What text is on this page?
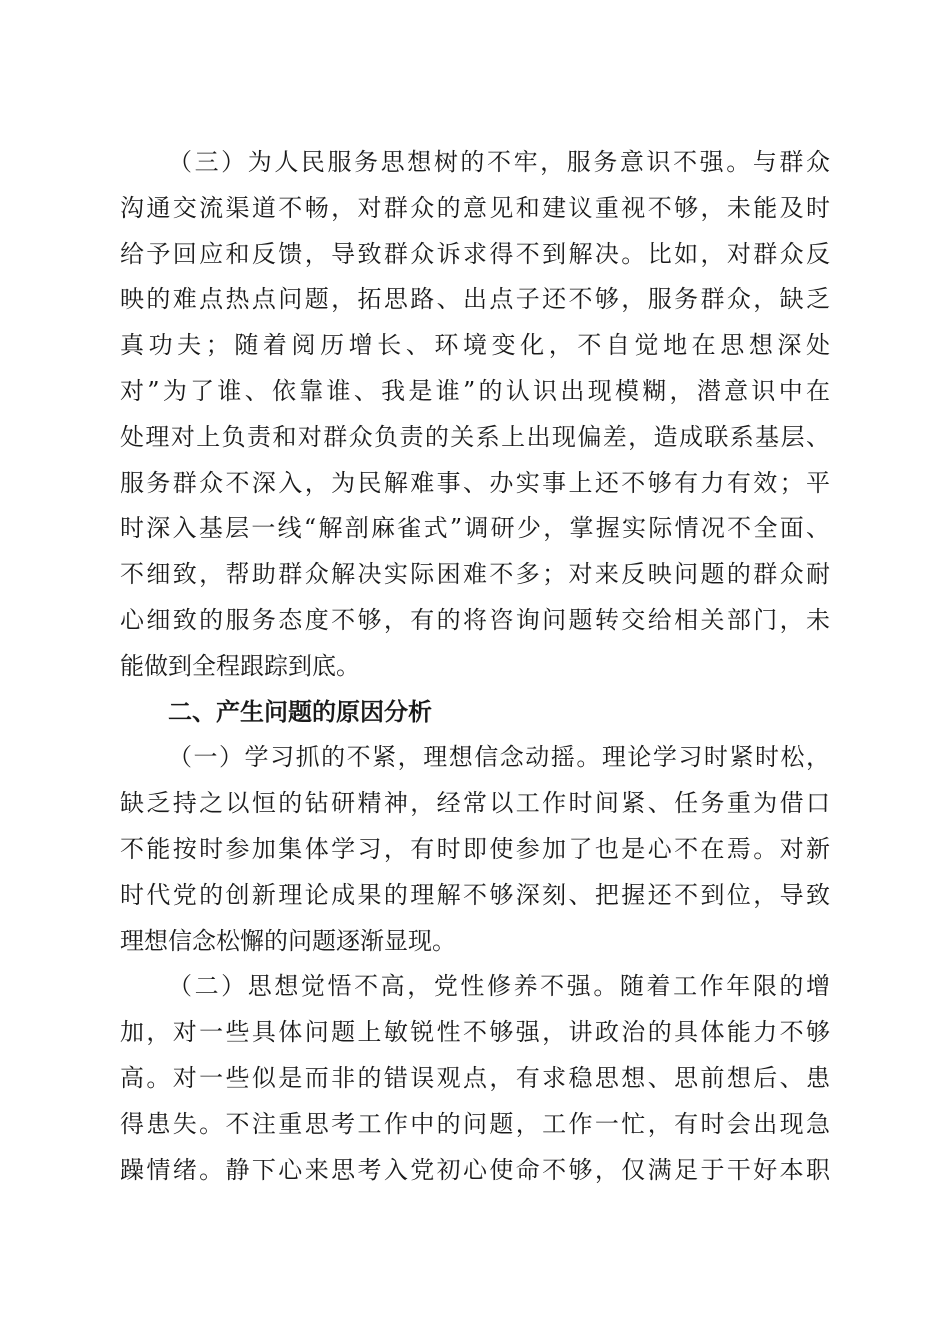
（三）为人民服务思想树的不牢，服务意识不强。与群众
沟通交流渠道不畅，对群众的意见和建议重视不够，未能及时
给予回应和反馈，导致群众诉求得不到解决。比如，对群众反
映的难点热点问题，拓思路、出点子还不够，服务群众，缺乏
真功夫；随着阅历增长、环境变化，不自觉地在思想深处
对”为了谁、依靠谁、我是谁”的认识出现模糊，潜意识中在
处理对上负责和对群众负责的关系上出现偏差，造成联系基层、
服务群众不深入，为民解难事、办实事上还不够有力有效；平
时深入基层一线“解剖麻雀式”调研少，掌握实际情况不全面、
不细致，帮助群众解决实际困难不多；对来反映问题的群众耐
心细致的服务态度不够，有的将咨询问题转交给相关部门，未
能做到全程跟踪到底。
二、产生问题的原因分析
（一）学习抓的不紧，理想信念动摇。理论学习时紧时松，
缺乏持之以恒的钻研精神，经常以工作时间紧、任务重为借口
不能按时参加集体学习，有时即使参加了也是心不在焉。对新
时代党的创新理论成果的理解不够深刻、把握还不到位，导致
理想信念松懈的问题逐渐显现。
（二）思想觉悟不高，党性修养不强。随着工作年限的增
加，对一些具体问题上敏锐性不够强，讲政治的具体能力不够
高。对一些似是而非的错误观点，有求稳思想、思前想后、患
得患失。不注重思考工作中的问题，工作一忙，有时会出现急
躁情绪。静下心来思考入党初心使命不够，仅满足于干好本职
